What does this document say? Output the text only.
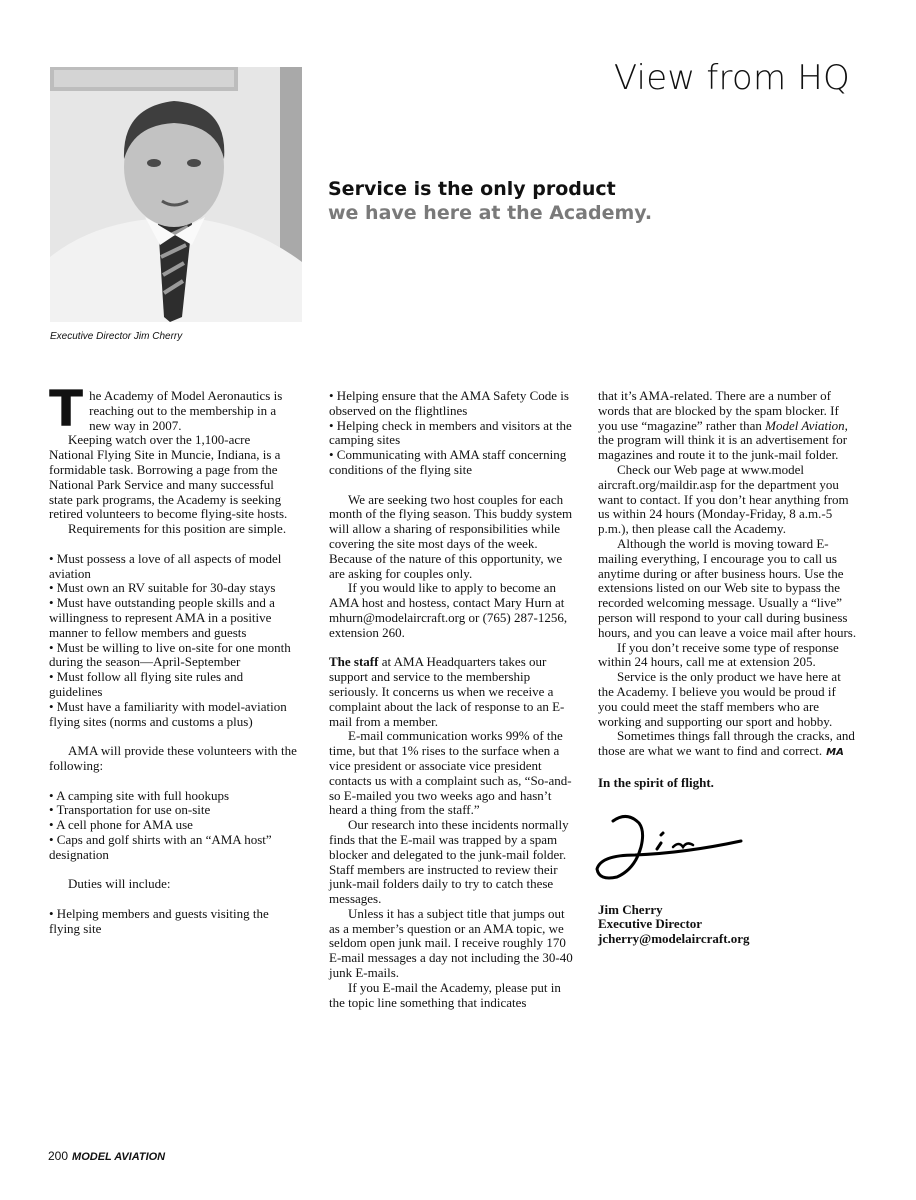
View from HQ
Executive Director Jim Cherry
Service is the only product
we have here at the Academy.

The Academy of Model Aeronautics is reaching out to the membership in a new way in 2007.

Keeping watch over the 1,100-acre National Flying Site in Muncie, Indiana, is a formidable task. Borrowing a page from the National Park Service and many successful state park programs, the Academy is seeking retired volunteers to become flying-site hosts.

Requirements for this position are simple.

• Must possess a love of all aspects of model aviation

• Must own an RV suitable for 30-day stays

• Must have outstanding people skills and a willingness to represent AMA in a positive manner to fellow members and guests

• Must be willing to live on-site for one month during the season—April-September

• Must follow all flying site rules and guidelines

• Must have a familiarity with model-aviation flying sites (norms and customs a plus)

AMA will provide these volunteers with the following:

• A camping site with full hookups

• Transportation for use on-site

• A cell phone for AMA use

• Caps and golf shirts with an “AMA host” designation

Duties will include:

• Helping members and guests visiting the flying site

• Helping ensure that the AMA Safety Code is observed on the flightlines

• Helping check in members and visitors at the camping sites

• Communicating with AMA staff concerning conditions of the flying site

We are seeking two host couples for each month of the flying season. This buddy system will allow a sharing of responsibilities while covering the site most days of the week. Because of the nature of this opportunity, we are asking for couples only.

If you would like to apply to become an AMA host and hostess, contact Mary Hurn at mhurn@modelaircraft.org or (765) 287-1256, extension 260.

The staff at AMA Headquarters takes our support and service to the membership seriously. It concerns us when we receive a complaint about the lack of response to an E-mail from a member.

E-mail communication works 99% of the time, but that 1% rises to the surface when a vice president or associate vice president contacts us with a complaint such as, “So-and-so E-mailed you two weeks ago and hasn’t heard a thing from the staff.”

Our research into these incidents normally finds that the E-mail was trapped by a spam blocker and delegated to the junk-mail folder. Staff members are instructed to review their junk-mail folders daily to try to catch these messages.

Unless it has a subject title that jumps out as a member’s question or an AMA topic, we seldom open junk mail. I receive roughly 170 E-mail messages a day not including the 30-40 junk E-mails.

If you E-mail the Academy, please put in the topic line something that indicates

that it’s AMA-related. There are a number of words that are blocked by the spam blocker. If you use “magazine” rather than Model Aviation, the program will think it is an advertisement for magazines and route it to the junk-mail folder.

Check our Web page at www.model aircraft.org/maildir.asp for the department you want to contact. If you don’t hear anything from us within 24 hours (Monday-Friday, 8 a.m.-5 p.m.), then please call the Academy.

Although the world is moving toward E-mailing everything, I encourage you to call us anytime during or after business hours. Use the extensions listed on our Web site to bypass the recorded welcoming message. Usually a “live” person will respond to your call during business hours, and you can leave a voice mail after hours.

If you don’t receive some type of response within 24 hours, call me at extension 205.

Service is the only product we have here at the Academy. I believe you would be proud if you could meet the staff members who are working and supporting our sport and hobby.

Sometimes things fall through the cracks, and those are what we want to find and correct. MA

In the spirit of flight.

Jim Cherry

Executive Director

jcherry@modelaircraft.org

200 MODEL AVIATION
